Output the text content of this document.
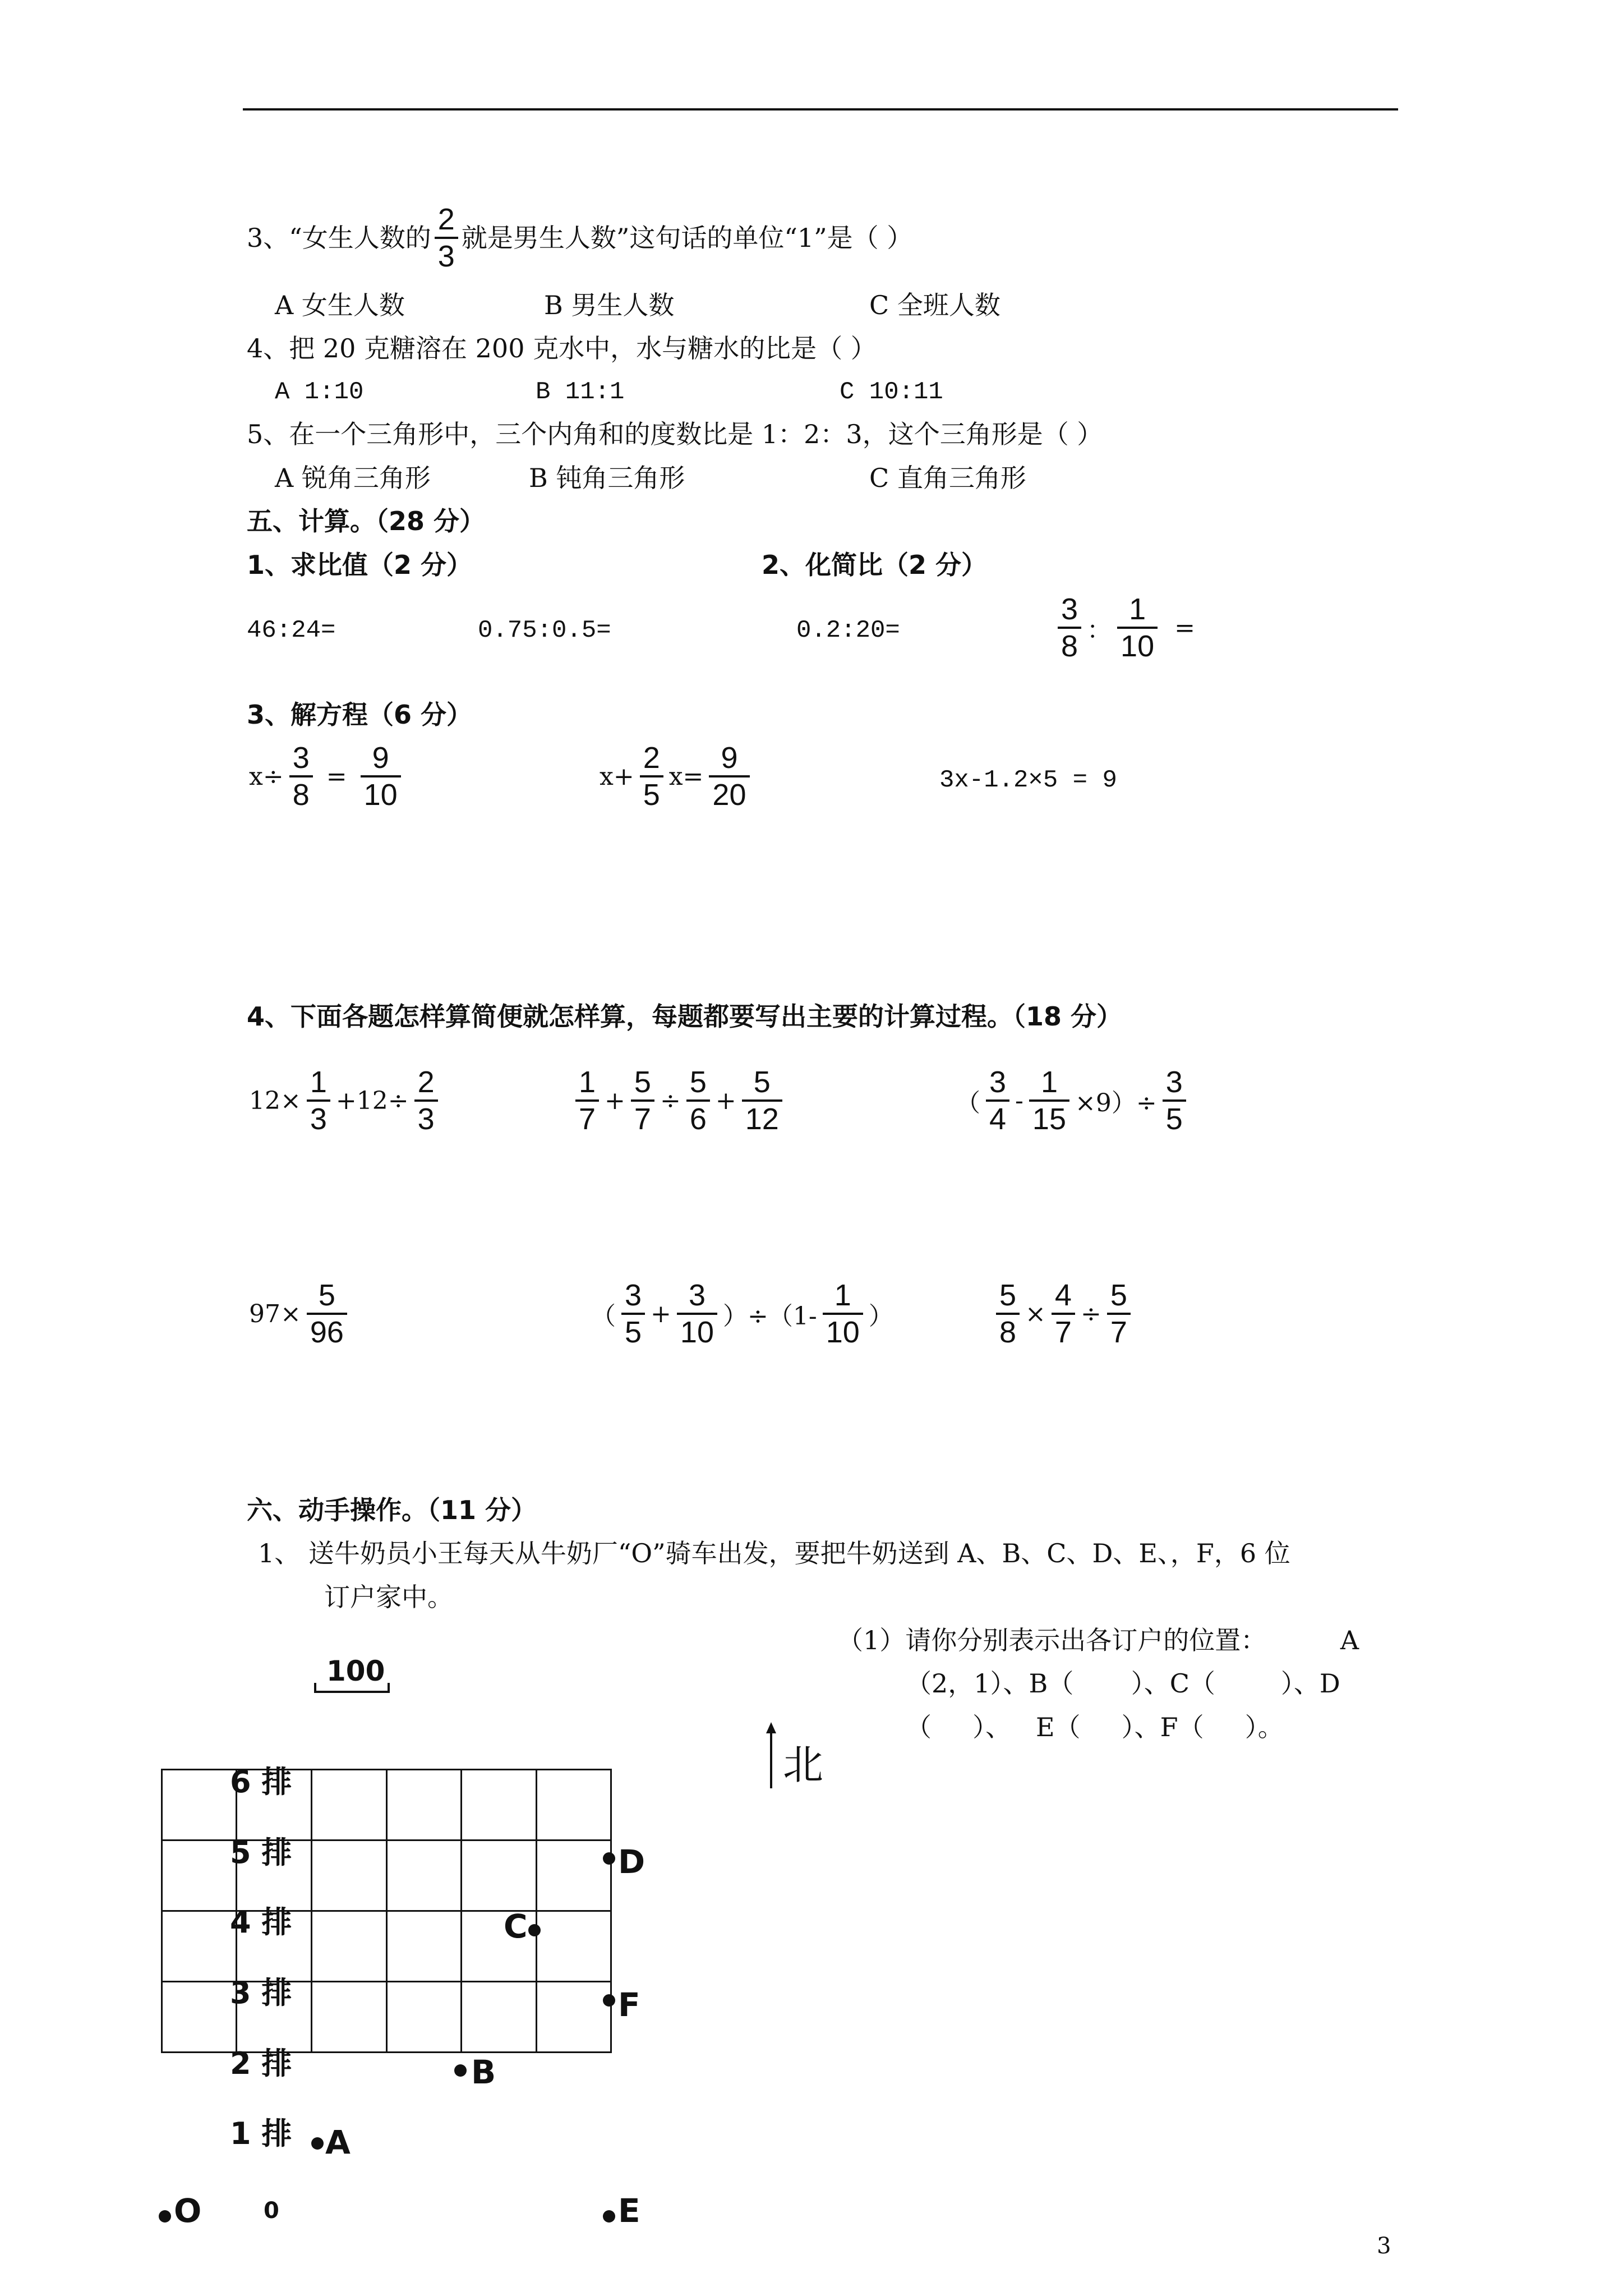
3、“女生人数的 $\frac{2}{3}$ 就是男生人数”这句话的单位“1”是（ ）
A 女生人数	B 男生人数	C 全班人数
4、把 20 克糖溶在 200 克水中，水与糖水的比是（ ）
A 1:10	B 11:1	C 10:11
5、在一个三角形中，三个内角和的度数比是 1：2：3，这个三角形是（ ）
A 锐角三角形	B 钝角三角形	C 直角三角形
五、计算。（28 分）
1、求比值（2 分）	2、化简比（2 分）
46:24=	0.75:0.5=	0.2:20=	$\frac{3}{8}$ ： $\frac{1}{10}$ =
3、解方程（6 分）
$x\div \frac{3}{8} = \frac{9}{10}$	$x+ \frac{2}{5} x= \frac{9}{20}$	3x-1.2×5 = 9
4、下面各题怎样算简便就怎样算，每题都要写出主要的计算过程。（18 分）
$12\times \frac{1}{3} +12\div \frac{2}{3}$	$\frac{1}{7} + \frac{5}{7} \div \frac{5}{6} + \frac{5}{12}$	（ $\frac{3}{4} - \frac{1}{15} \times 9)\div \frac{3}{5}$
$97\times \frac{5}{96}$	（ $\frac{3}{5} + \frac{3}{10} )\div(1- \frac{1}{10}$ ）	$\frac{5}{8} \times \frac{4}{7} \div \frac{5}{7}$
六、动手操作。（11 分）
1、 送牛奶员小王每天从牛奶厂“O”骑车出发，要把牛奶送到 A、B、C、D、E、，F，6 位
订户家中。
（1）请你分别表示出各订户的位置：         A
（2，1）、B（       ）、C（        ）、D
（     ）、   E（     ）、F（     ）。
100
北
6 排
5 排
4 排
3 排
2 排
1 排
D
C
F
B
A
O	0	E
3
